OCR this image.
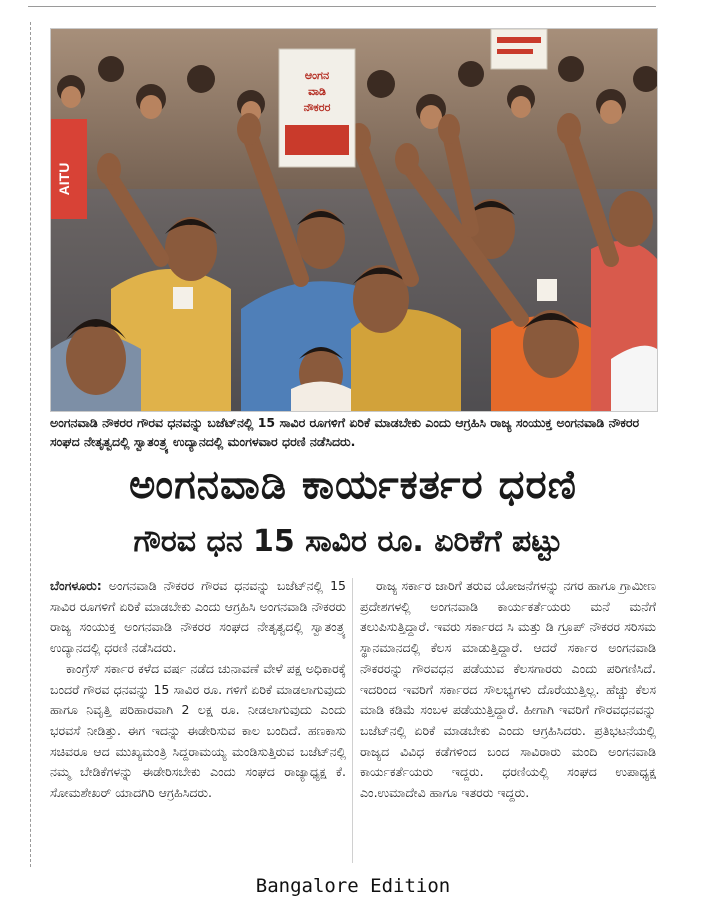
ಆಂಗನ
ವಾಡಿ
ನೌಕರರ
AITU
ಅಂಗನವಾಡಿ ನೌಕರರ ಗೌರವ ಧನವನ್ನು ಬಜೆಟ್‌ನಲ್ಲಿ 15 ಸಾವಿರ ರೂಗಳಿಗೆ ಏರಿಕೆ ಮಾಡಬೇಕು ಎಂದು ಆಗ್ರಹಿಸಿ ರಾಜ್ಯ ಸಂಯುಕ್ತ ಅಂಗನವಾಡಿ ನೌಕರರ ಸಂಘದ ನೇತೃತ್ವದಲ್ಲಿ ಸ್ವಾತಂತ್ರ್ಯ ಉದ್ಯಾನದಲ್ಲಿ ಮಂಗಳವಾರ ಧರಣಿ ನಡೆಸಿದರು.
ಅಂಗನವಾಡಿ ಕಾರ್ಯಕರ್ತರ ಧರಣಿ
ಗೌರವ ಧನ 15 ಸಾವಿರ ರೂ. ಏರಿಕೆಗೆ ಪಟ್ಟು

ಬೆಂಗಳೂರು: ಅಂಗನವಾಡಿ ನೌಕರರ ಗೌರವ ಧನವನ್ನು ಬಜೆಟ್‌ನಲ್ಲಿ 15 ಸಾವಿರ ರೂಗಳಿಗೆ ಏರಿಕೆ ಮಾಡಬೇಕು ಎಂದು ಆಗ್ರಹಿಸಿ ಅಂಗನವಾಡಿ ನೌಕರರು ರಾಜ್ಯ ಸಂಯುಕ್ತ ಅಂಗನವಾಡಿ ನೌಕರರ ಸಂಘದ ನೇತೃತ್ವದಲ್ಲಿ ಸ್ವಾತಂತ್ರ್ಯ ಉದ್ಯಾನದಲ್ಲಿ ಧರಣಿ ನಡೆಸಿದರು.

ಕಾಂಗ್ರೆಸ್ ಸರ್ಕಾರ ಕಳೆದ ವರ್ಷ ನಡೆದ ಚುನಾವಣೆ ವೇಳೆ ಪಕ್ಷ ಅಧಿಕಾರಕ್ಕೆ ಬಂದರೆ ಗೌರವ ಧನವನ್ನು 15 ಸಾವಿರ ರೂ. ಗಳಿಗೆ ಏರಿಕೆ ಮಾಡಲಾಗುವುದು ಹಾಗೂ ನಿವೃತ್ತಿ ಪರಿಹಾರವಾಗಿ 2 ಲಕ್ಷ ರೂ. ನೀಡಲಾಗುವುದು ಎಂದು ಭರವಸೆ ನೀಡಿತ್ತು. ಈಗ ಇದನ್ನು ಈಡೇರಿಸುವ ಕಾಲ ಬಂದಿದೆ. ಹಣಕಾಸು ಸಚಿವರೂ ಆದ ಮುಖ್ಯಮಂತ್ರಿ ಸಿದ್ದರಾಮಯ್ಯ ಮಂಡಿಸುತ್ತಿರುವ ಬಜೆಟ್‌ನಲ್ಲಿ ನಮ್ಮ ಬೇಡಿಕೆಗಳನ್ನು ಈಡೇರಿಸಬೇಕು ಎಂದು ಸಂಘದ ರಾಜ್ಯಾಧ್ಯಕ್ಷ ಕೆ. ಸೋಮಶೇಖರ್ ಯಾದಗಿರಿ ಆಗ್ರಹಿಸಿದರು.

ರಾಜ್ಯ ಸರ್ಕಾರ ಜಾರಿಗೆ ತರುವ ಯೋಜನೆಗಳನ್ನು ನಗರ ಹಾಗೂ ಗ್ರಾಮೀಣ ಪ್ರದೇಶಗಳಲ್ಲಿ ಅಂಗನವಾಡಿ ಕಾರ್ಯಕರ್ತೆಯರು ಮನೆ ಮನೆಗೆ ತಲುಪಿಸುತ್ತಿದ್ದಾರೆ. ಇವರು ಸರ್ಕಾರದ ಸಿ ಮತ್ತು ಡಿ ಗ್ರೂಪ್ ನೌಕರರ ಸರಿಸಮ ಸ್ಥಾನಮಾನದಲ್ಲಿ ಕೆಲಸ ಮಾಡುತ್ತಿದ್ದಾರೆ. ಆದರೆ ಸರ್ಕಾರ ಅಂಗನವಾಡಿ ನೌಕರರನ್ನು ಗೌರವಧನ ಪಡೆಯುವ ಕೆಲಸಗಾರರು ಎಂದು ಪರಿಗಣಿಸಿದೆ. ಇದರಿಂದ ಇವರಿಗೆ ಸರ್ಕಾರದ ಸೌಲಭ್ಯಗಳು ದೊರೆಯುತ್ತಿಲ್ಲ. ಹೆಚ್ಚು ಕೆಲಸ ಮಾಡಿ ಕಡಿಮೆ ಸಂಬಳ ಪಡೆಯುತ್ತಿದ್ದಾರೆ. ಹೀಗಾಗಿ ಇವರಿಗೆ ಗೌರವಧನವನ್ನು ಬಜೆಟ್‌ನಲ್ಲಿ ಏರಿಕೆ ಮಾಡಬೇಕು ಎಂದು ಆಗ್ರಹಿಸಿದರು. ಪ್ರತಿಭಟನೆಯಲ್ಲಿ ರಾಜ್ಯದ ವಿವಿಧ ಕಡೆಗಳಿಂದ ಬಂದ ಸಾವಿರಾರು ಮಂದಿ ಅಂಗನವಾಡಿ ಕಾರ್ಯಕರ್ತೆಯರು ಇದ್ದರು. ಧರಣಿಯಲ್ಲಿ ಸಂಘದ ಉಪಾಧ್ಯಕ್ಷ ಎಂ.ಉಮಾದೇವಿ ಹಾಗೂ ಇತರರು ಇದ್ದರು.

Bangalore Edition
